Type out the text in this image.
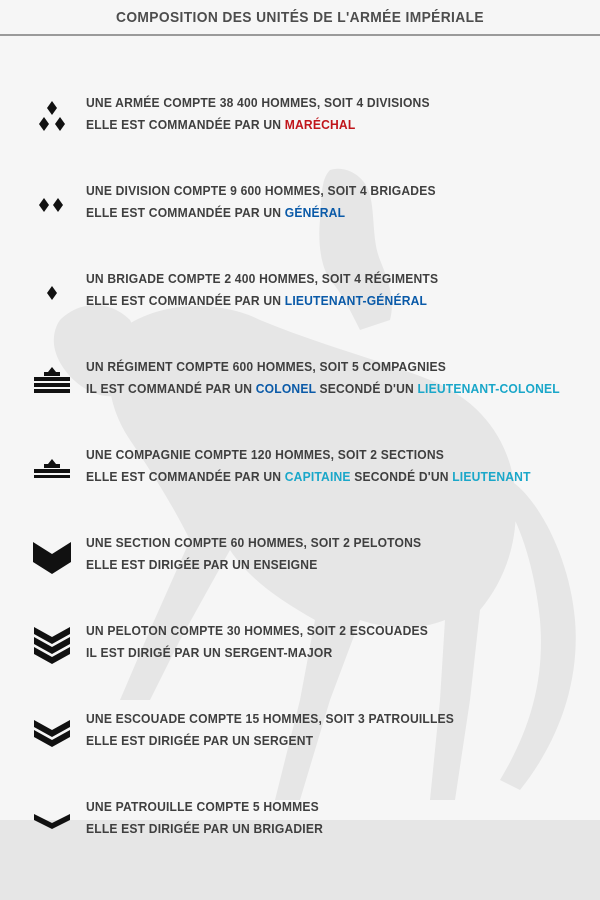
COMPOSITION DES UNITÉS DE L'ARMÉE IMPÉRIALE
UNE ARMÉE COMPTE 38 400 HOMMES, SOIT 4 DIVISIONS
ELLE EST COMMANDÉE PAR UN MARÉCHAL
UNE DIVISION COMPTE 9 600 HOMMES, SOIT 4 BRIGADES
ELLE EST COMMANDÉE PAR UN GÉNÉRAL
UN BRIGADE COMPTE 2 400 HOMMES, SOIT 4 RÉGIMENTS
ELLE EST COMMANDÉE PAR UN LIEUTENANT-GÉNÉRAL
UN RÉGIMENT COMPTE 600 HOMMES, SOIT 5 COMPAGNIES
IL EST COMMANDÉ PAR UN COLONEL SECONDÉ D'UN LIEUTENANT-COLONEL
UNE COMPAGNIE COMPTE 120 HOMMES, SOIT 2 SECTIONS
ELLE EST COMMANDÉE PAR UN CAPITAINE SECONDÉ D'UN LIEUTENANT
UNE SECTION COMPTE 60 HOMMES, SOIT 2 PELOTONS
ELLE EST DIRIGÉE PAR UN ENSEIGNE
UN PELOTON COMPTE 30 HOMMES, SOIT 2 ESCOUADES
IL EST DIRIGÉ PAR UN SERGENT-MAJOR
UNE ESCOUADE COMPTE 15 HOMMES, SOIT 3 PATROUILLES
ELLE EST DIRIGÉE PAR UN SERGENT
UNE PATROUILLE COMPTE 5 HOMMES
ELLE EST DIRIGÉE PAR UN BRIGADIER
